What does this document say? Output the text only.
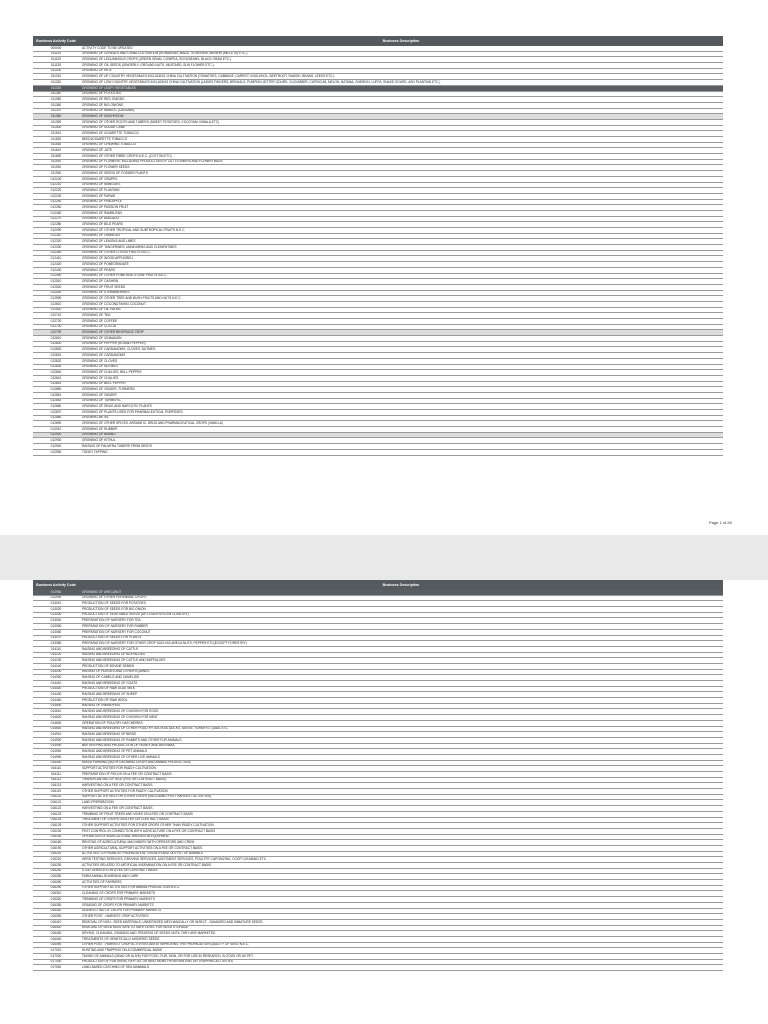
Business Activity Code	Business Description
000000	ACTIVITY CODE TO BE UPDATED
011110	GROWING OF CEREALS AND CHINA CULTIVATION (KURAKKAN, MAIZE, SORGHUM, MENERI (MILLETS) ETC.)
011120	GROWING OF LEGUMINOUS CROPS (GREEN GRAM, COWPEA, SOYA BEANS, BLACK GRAM ETC.)
011130	GROWING OF OIL SEEDS (GINGERLY, GROUND NUTS, MUSTARD, SUN FLOWER ETC.)
011200	GROWING OF RICE
011310	GROWING OF UP COUNTRY VEGETABLES INCLUDING CHINA CULTIVATION (TOMATOES, CABBAGE, CARROT, KNOLKHOL, BEETROOT, RADISH, BEANS, LEEKS ETC.)
011320	GROWING OF LOW COUNTRY VEGETABLES INCLUDING CHINA CULTIVATION (LADIES FINGERS, BRINJALS, PUMPKIN, BITTER GOURD, CUCUMBER, CAPSICUM, MELON, BATANA, GHERKIN, LUFFA, SNAKE GOURD, ASH PLANTAIN ETC.)
011330	GROWING OF LEAFY VEGETABLES
011340	GROWING OF POTATOES
011350	GROWING OF RED ONIONS
011360	GROWING OF BIG ONIONS
011370	GROWING OF MANIOC (CASSAVA)
011380	GROWING OF MUSHROOM
011390	GROWING OF OTHER ROOTS AND TUBERS (SWEET POTATOES, COCOYAM, INNALA ETC)
011400	GROWING OF SUGAR CANE
011510	GROWING OF CIGARETTE TOBACCO
011520	BEEDI/CIGARETTE TOBACCO
011530	GROWING OF CHEWING TOBACCO
011610	GROWING OF JUTE
011690	GROWING OF OTHER FIBRE CROPS N.E.C. (COTTON ETC)
011910	GROWING OF FLOWERS, INCLUDING PRODUCTION OF CUT FLOWERS AND FLOWER BUDS
011920	GROWING OF FLOWER SEEDS
011930	GROWING OF SEEDS OF FODDER PLANTS
012100	GROWING OF GRAPES
012210	GROWING OF MANGOES
012220	GROWING OF PLANTAIN
012230	GROWING OF PAPAW
012240	GROWING OF PINEAPPLE
012250	GROWING OF PASSION FRUIT
012260	GROWING OF RAMBUTAN
012270	GROWING OF AVACADO
012280	GROWING OF BILD PEARS
012290	GROWING OF OTHER TROPICAL AND SUBTROPICAL FRUITS N.E.C.
012310	GROWING OF ORANGES
012320	GROWING OF LEMONS AND LIMES
012330	GROWING OF TANGERINES, MANDARINS AND CLEMENTINES
012390	GROWING OF OTHER CITRUS FRUITS N.E.C.
012410	GROWING OF WOOD APPLE/BELI
012420	GROWING OF POMEGRANATE
012430	GROWING OF PEARS
012490	GROWING OF OTHER POME AND STONE FRUITS N.E.C.
012510	GROWING OF CASHEW
012520	GROWING OF FRUIT SEEDS
012530	GROWING OF STRAWBERRIES
012590	GROWING OF OTHER TREE AND BUSH FRUITS AND NUTS N.E.C.
012610	GROWING OF COCONUT/KING COCONUT
012620	GROWING OF OIL PALMS
012710	GROWING OF TEA
012720	GROWING OF COFFEE
012730	GROWING OF COCOA
012790	GROWING OF OTHER BEVERAGE CROP
012810	GROWING OF CINNAMON
012820	GROWING OF PEPPER (ROUND PEPPER)
012830	GROWING OF CARDAMOMS, CLOVES, NUTMEG
012831	GROWING OF CARDAMOMS
012832	GROWING OF CLOVES
012833	GROWING OF NUTMEG
012840	GROWING OF CHILLIES, BELL PEPPER
012841	GROWING OF CHILLIES
012842	GROWING OF BELL PEPPER
012850	GROWING OF GINGER, TURMERIC
012851	GROWING OF GINGER
012852	GROWING OF TURMERIC
012860	GROWING OF DRUG AND NARCOTIC PLANTS
012870	GROWING OF PLANTS USED FOR PHARMACEUTICAL PURPOSES
012880	GROWING BETEL
012890	GROWING OF OTHER SPICES, AROMATIC, DRUG AND PHARMACEUTICAL CROPS (VANILLA)
012910	GROWING OF RUBBER
012920	GROWING OF BAMBO
012930	GROWING OF KITHUL
012940	RAISING OF PALMYRA TUBERS FROM SEEDS
012950	TODDY TAPPING
Page 1 of 26
Business Activity Code	Business Description
012960	GROWING OF ARECANUT
012990	GROWING OF OTHER PERENNIAL CROPS
013010	PRODUCTION OF SEEDS FOR POTATOES
013020	PRODUCTION OF SEEDS FOR BIG ONION
013030	PRODUCTION OF VEGETABLE SEEDS (UP COUNTRY/LOW COUNTRY)
013040	PREPARATION OF NURSERY FOR TEA
013050	PREPARATION OF NURSERY FOR RUBBER
013060	PREPARATION OF NURSERY FOR COCONUT
013070	PRODUCTION OF SEEDS FOR PLANTS
013080	PREPARATION OF NURSERY FOR OTHER CROP SUCH AS ARECA NUTS, PEPPER ETC(EXCEPT FORESTRY)
014110	RAISING AND BREEDING OF CATTLE
014120	RAISING AND BREEDING OF BUFFALOES
014130	RAISING AND BREEDING OF CATTLE AND BUFFALOES
014140	PRODUCTION OF BOVINE SEMEN
014200	RAISING OF HORSES AND OTHER EQUINES
014300	RAISING OF CAMELS AND CAMELIDS
014410	RAISING AND BREEDING OF GOATS
014420	PRODUCTION OF RAW GOAT MILK
014430	RAISING AND BREEDING OF SHEEP
014440	PRODUCTION OF RAW WOOL
014500	RAISING OF SWINE/PIGS
014610	RAISING AND BREEDING OF CHICKEN FOR EGGS
014620	RAISING AND BREEDING OF CHICKEN FOR MEAT
014630	OPERATION OF POULTRY HATCHERIES
014640	RAISING AND BREEDING OF OTHER POULTRY SUCH AS DUCKS, GEESE, TURKEYS, QUAIL ETC
014910	RAISING AND BREEDING OF BIRDS
014920	RAISING AND BREEDING OF RABBITS AND OTHER FUR ANIMALS
014930	BEE KEEPING AND PRODUCTION OF HONEY AND BEESWAX
014940	RAISING AND BREEDING OF PET ANIMALS
014990	RAISING AND BREEDING OF OTHER LIVE ANIMALS
015000	MIXED FARMING (BOTH GROWING CROPS AND ANIMAL PRODUCTION)
016110	SUPPORT ACTIVITIES FOR PADDY CULTIVATION
016111	PREPARATION OF FIELDS ON A FEE OR CONTRACT BASIS
016112	TRANSPLANTING OF RICE (FEE OR CONTRACT BASIS)
016113	HARVESTING ON A FEE OR CONTRACT BASIS
016119	OTHER SUPPORT ACTIVITIES FOR PADDY CULTIVATION
016120	SUPPORT ACTIVITIES FOR OTHER CROPS (INCLUDING POST HARVEST ACTIVITIES)
016121	LAND PREPARATION
016122	HARVESTING ON A FEE OR CONTRACT BASIS
016123	TRIMMING OF FRUIT TREES AND VINES ON A FEE OR CONTRACT BASIS
016124	TREATMENT OF CROPS ON A FEE OR CONTRACT BASIS
016129	OTHER SUPPORT ACTIVITIES FOR OTHER CROPS OTHER THAN PADDY CULTIVATION
016130	PEST CONTROL IN CONNECTION WITH AGRICULTURE ON A FEE OR CONTRACT BASIS
016150	OPERATION OF AGRICULTURAL IRRIGATION EQUIPMENT
016160	RENTING OF AGRICULTURAL MACHINERY WITH OPERATORS AND CREW
016190	OTHER AGRICULTURAL SUPPORT ACTIVITIES ON A FEE OR CONTRACT BASIS
016210	ACTIVITIES TO PROMOTE PROPAGATION, GROWTH AND OUTPUT OF ANIMALS
016220	HERD TESTING SERVICES, DROVING SERVICES, AGISTMENT SERVICES, POULTRY CAPONIZING, COOP CLEANING ETC
016230	ACTIVITIES RELATED TO ARTIFICIAL INSEMINATION ON A FEE OR CONTRACT BASIS
016240	STUD SERVICES ON A FEE OR CONTRACT BASIS
016250	FARM ANIMAL BOARDING AND CARE
016260	ACTIVITIES OF FARRIERS
016290	OTHER SUPPORT ACTIVITIES FOR ANIMAL PRODUCTION N.E.C.
016310	CLEANING OF CROPS FOR PRIMARY MARKETS
016320	TRIMMING OF CROPS FOR PRIMARY MARKETS
016330	GRADING OF CROPS FOR PRIMARY MARKETS
016340	DISINFECTING OF CROPS FOR PRIMARY MARKETS
016390	OTHER POST - HARVEST CROP ACTIVITIES
016410	REMOVAL OF NON - SEED MATERIALS, UNDERSIZED MECHANICALLY OR INSECT - DAMAGED AND IMMATURE SEEDS
016420	REMOVAL OF SEED MOISTURE TO SAFE LEVEL FOR SEED STORAGE
016430	DRYING, CLEANING, GRADING AND TREATING OF SEEDS UNTIL THEY ARE MARKETED
016440	TREATMENTS OF GENETICALLY MODIFIED SEEDS
016490	OTHER POST - HARVEST CROP ACTIVITIES AIM AT IMPROVING THE PROPAGATION QUALITY OF SEED N.E.C.
017010	HUNTING AND TRAPPING ON A COMMERCIAL BASIS
017020	TAKING OF ANIMALS (DEAD OR ALIVE) FOR FOOD, FUR, SKIN, OR FOR USE IN RESEARCH, IN ZOOS OR AS PET
017030	PRODUCTION OF FUR SKINS, REPTILE OR BIRD SKINS FROM HUNTING OR TRAPPING ACTIVITIES
017040	LAND-BASED CATCHING OF SEA MAMMALS
